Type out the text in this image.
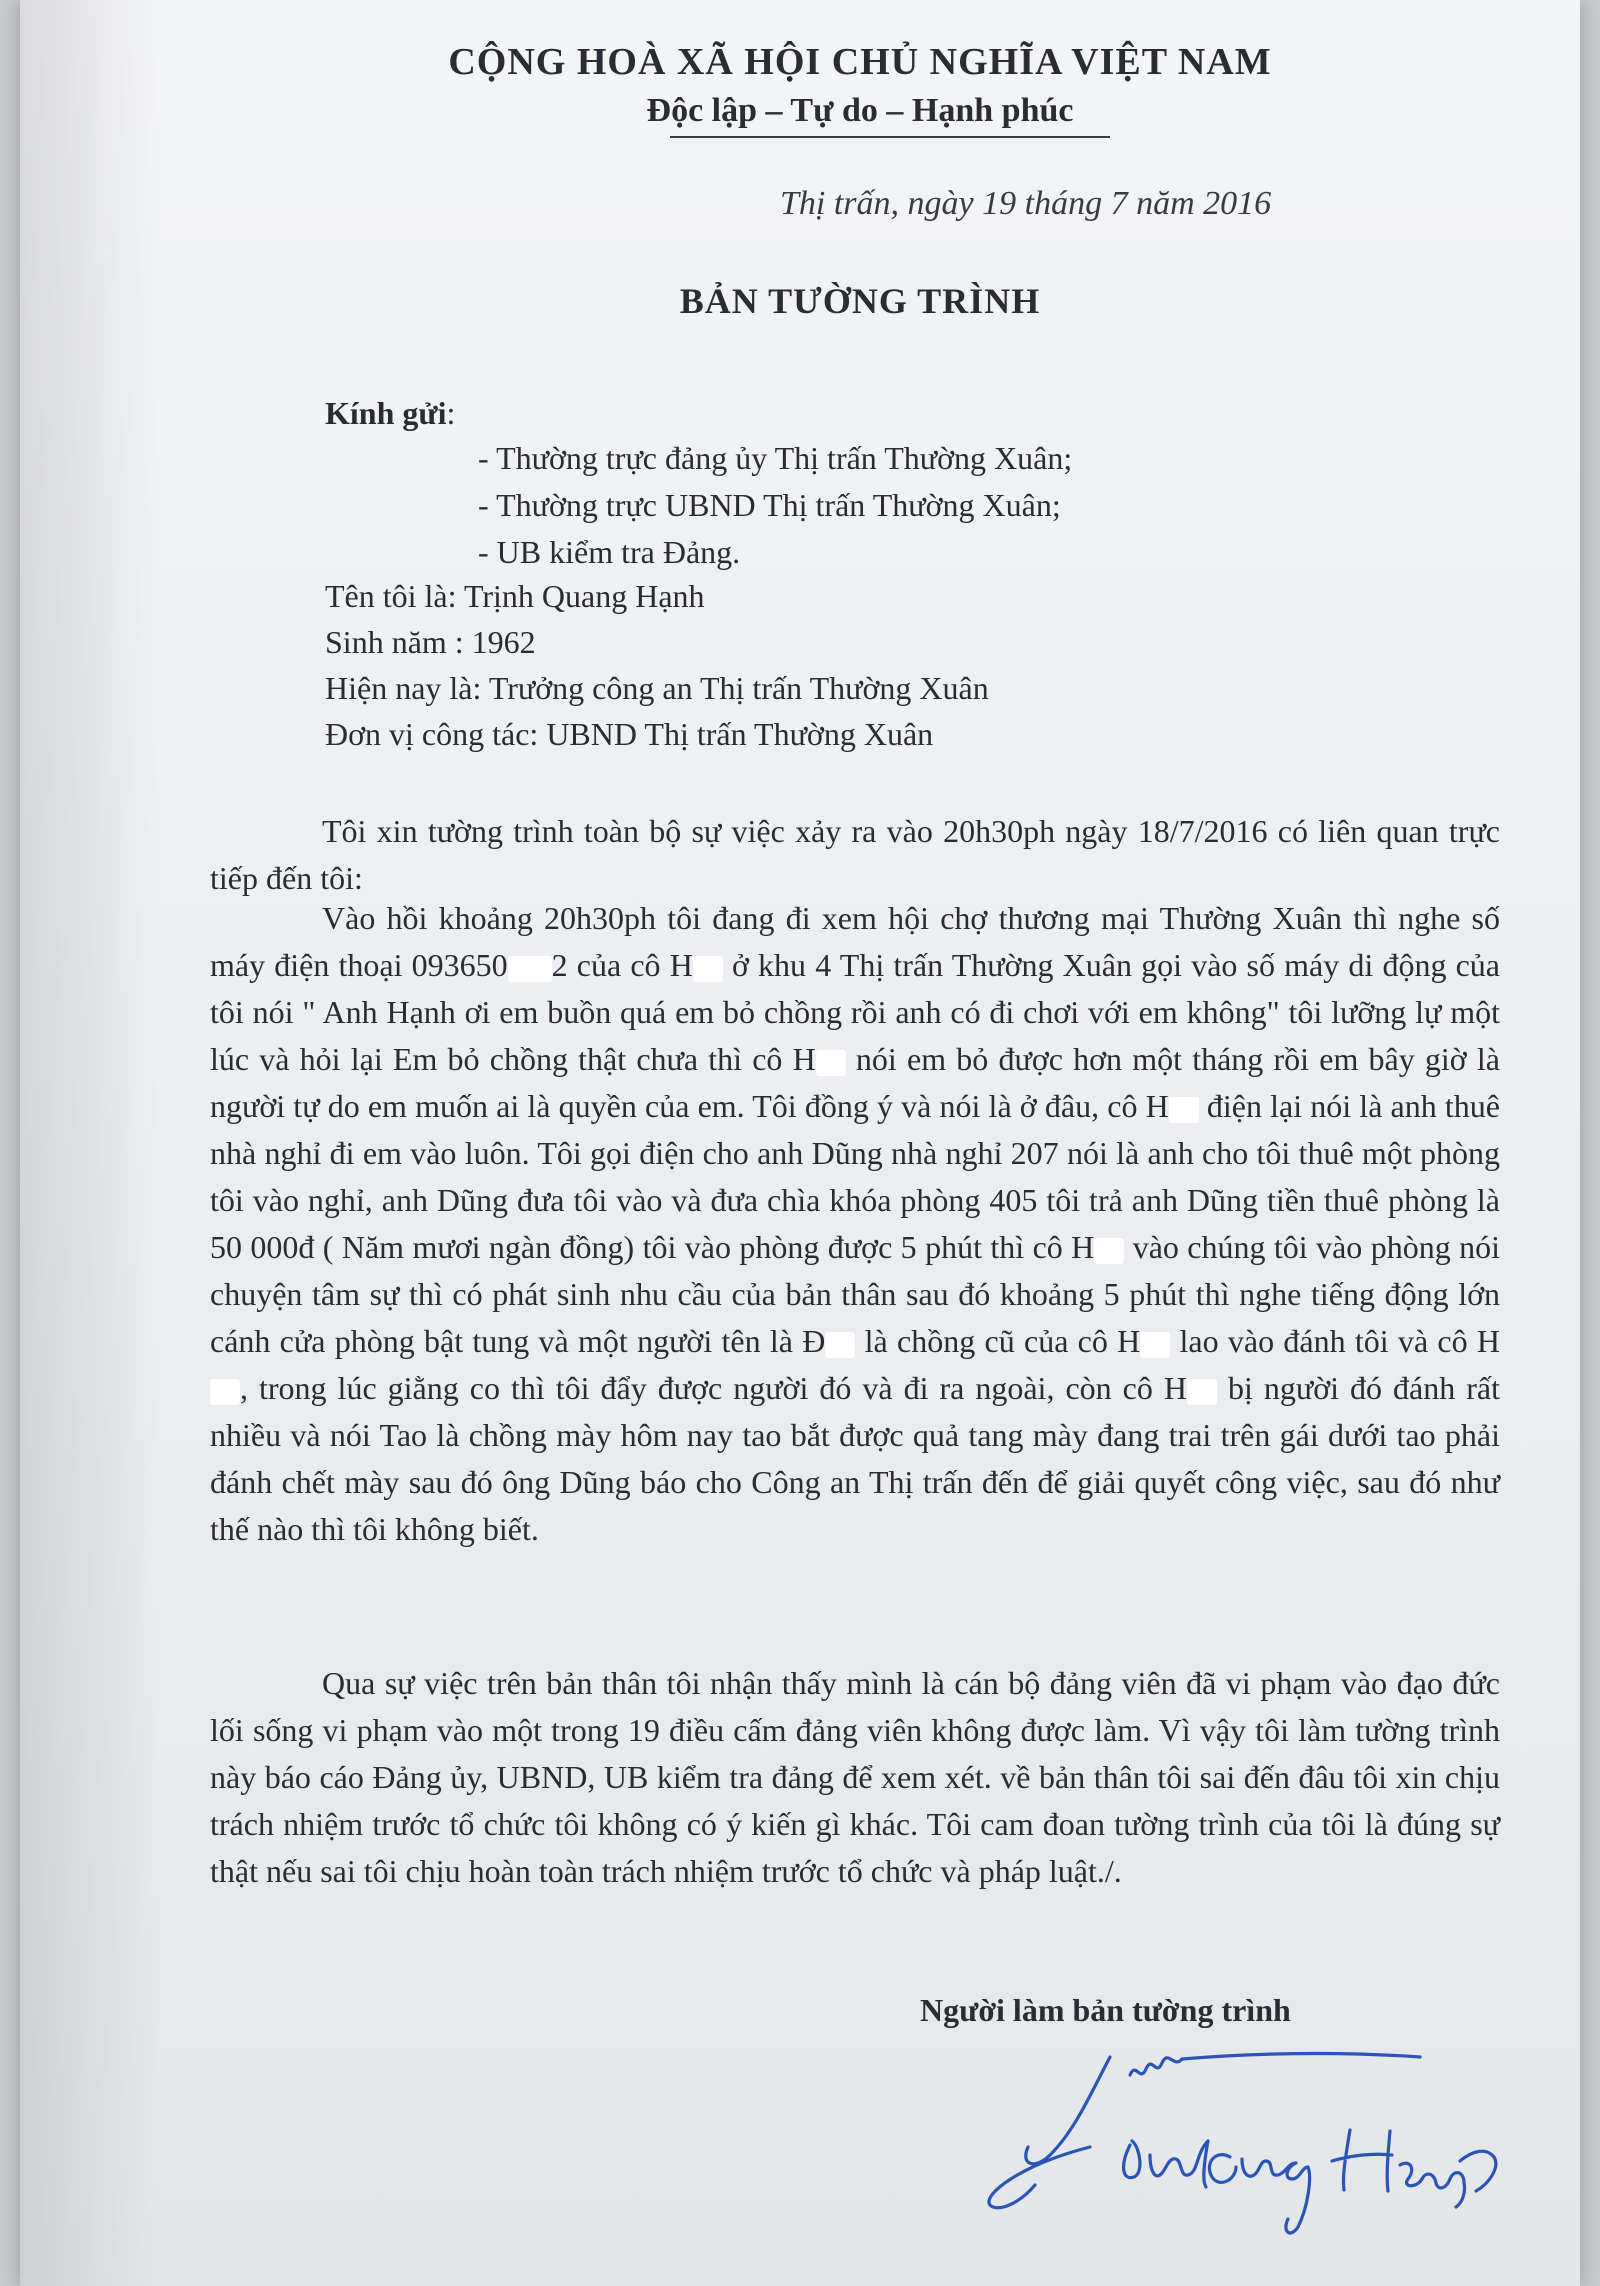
CỘNG HOÀ XÃ HỘI CHỦ NGHĨA VIỆT NAM
Độc lập – Tự do – Hạnh phúc
Thị trấn, ngày 19 tháng 7 năm 2016
BẢN TƯỜNG TRÌNH
Kính gửi:
- Thường trực đảng ủy Thị trấn Thường Xuân;
- Thường trực UBND Thị trấn Thường Xuân;
- UB kiểm tra Đảng.
Tên tôi là: Trịnh Quang Hạnh
Sinh năm : 1962
Hiện nay là: Trưởng công an Thị trấn Thường Xuân
Đơn vị công tác: UBND Thị trấn Thường Xuân

Tôi xin tường trình toàn bộ sự việc xảy ra vào 20h30ph ngày 18/7/2016 có liên quan trực tiếp đến tôi:

Vào hồi khoảng 20h30ph tôi đang đi xem hội chợ thương mại Thường Xuân thì nghe số máy điện thoại 093650 2 của cô H ở khu 4 Thị trấn Thường Xuân gọi vào số máy di động của tôi nói " Anh Hạnh ơi em buồn quá em bỏ chồng rồi anh có đi chơi với em không" tôi lưỡng lự một lúc và hỏi lại Em bỏ chồng thật chưa thì cô H nói em bỏ được hơn một tháng rồi em bây giờ là người tự do em muốn ai là quyền của em. Tôi đồng ý và nói là ở đâu, cô H điện lại nói là anh thuê nhà nghỉ đi em vào luôn. Tôi gọi điện cho anh Dũng nhà nghỉ 207 nói là anh cho tôi thuê một phòng tôi vào nghỉ, anh Dũng đưa tôi vào và đưa chìa khóa phòng 405 tôi trả anh Dũng tiền thuê phòng là 50 000đ ( Năm mươi ngàn đồng) tôi vào phòng được 5 phút thì cô H vào chúng tôi vào phòng nói chuyện tâm sự thì có phát sinh nhu cầu của bản thân sau đó khoảng 5 phút thì nghe tiếng động lớn cánh cửa phòng bật tung và một người tên là Đ là chồng cũ của cô H lao vào đánh tôi và cô H, trong lúc giằng co thì tôi đẩy được người đó và đi ra ngoài, còn cô H bị người đó đánh rất nhiều và nói Tao là chồng mày hôm nay tao bắt được quả tang mày đang trai trên gái dưới tao phải đánh chết mày sau đó ông Dũng báo cho Công an Thị trấn đến để giải quyết công việc, sau đó như thế nào thì tôi không biết.

Qua sự việc trên bản thân tôi nhận thấy mình là cán bộ đảng viên đã vi phạm vào đạo đức lối sống vi phạm vào một trong 19 điều cấm đảng viên không được làm. Vì vậy tôi làm tường trình này báo cáo Đảng ủy, UBND, UB kiểm tra đảng để xem xét. về bản thân tôi sai đến đâu tôi xin chịu trách nhiệm trước tổ chức tôi không có ý kiến gì khác. Tôi cam đoan tường trình của tôi là đúng sự thật nếu sai tôi chịu hoàn toàn trách nhiệm trước tổ chức và pháp luật./.

Người làm bản tường trình
